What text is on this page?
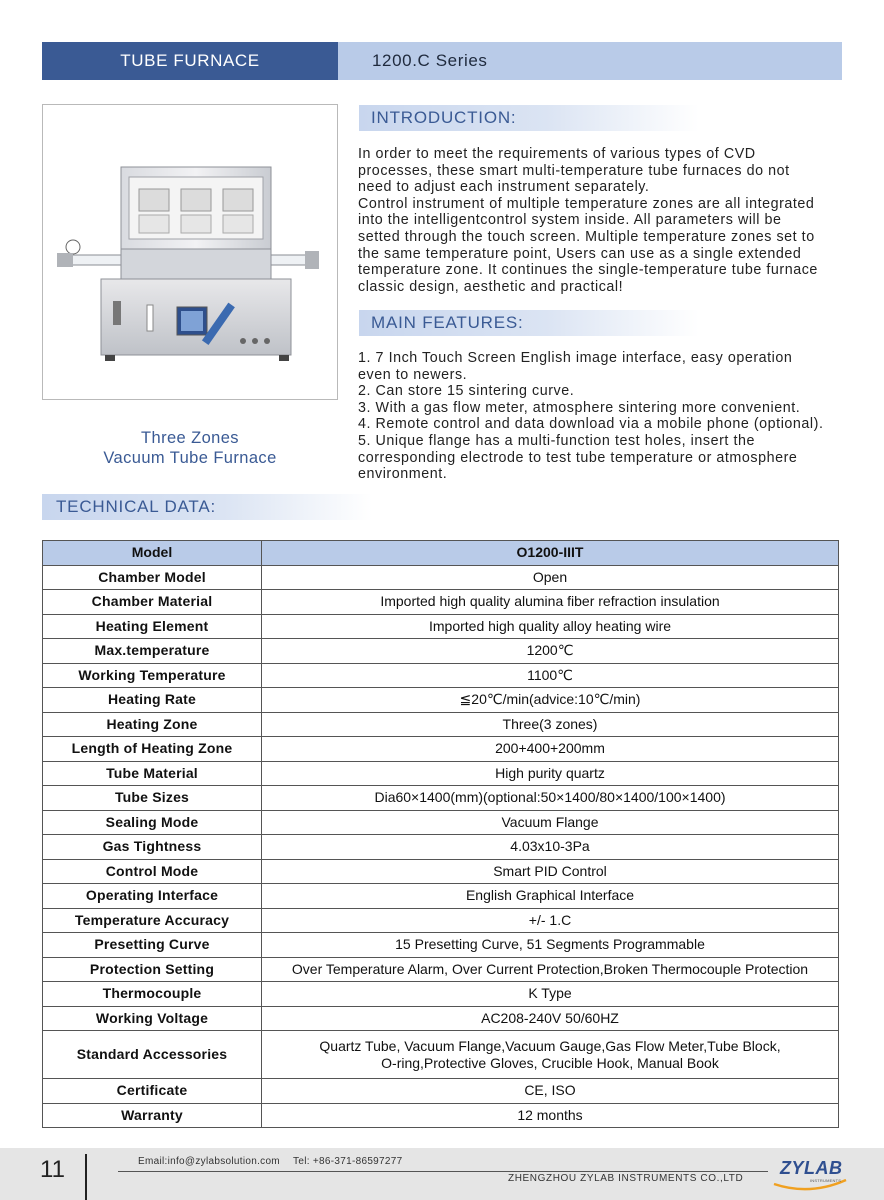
TUBE FURNACE	1200.C Series
Three Zones
Vacuum Tube Furnace
INTRODUCTION:
In order to meet the requirements of various types of CVD
processes, these smart multi-temperature tube furnaces do not
need to adjust each instrument separately.
Control instrument of multiple temperature zones are all integrated
into the intelligentcontrol system inside. All parameters will be
setted through the touch screen. Multiple temperature zones set to
the same temperature point, Users can use as a single extended
temperature zone. It continues the single-temperature tube furnace
classic design, aesthetic and practical!
MAIN FEATURES:
1. 7 Inch Touch Screen English image interface, easy operation
even to newers.
2. Can store 15 sintering curve.
3. With a gas flow meter, atmosphere sintering more convenient.
4. Remote control and data download via a mobile phone (optional).
5. Unique flange has a multi-function test holes, insert the
corresponding electrode to test tube temperature or atmosphere
environment.
TECHNICAL DATA:
Model	O1200-IIIT
Chamber Model	Open
Chamber Material	Imported high quality alumina fiber refraction insulation
Heating Element	Imported high quality alloy heating wire
Max.temperature	1200℃
Working Temperature	1100℃
Heating Rate	≦20℃/min(advice:10℃/min)
Heating Zone	Three(3 zones)
Length of Heating Zone	200+400+200mm
Tube Material	High purity quartz
Tube Sizes	Dia60×1400(mm)(optional:50×1400/80×1400/100×1400)
Sealing Mode	Vacuum Flange
Gas Tightness	4.03x10-3Pa
Control Mode	Smart PID Control
Operating Interface	English Graphical Interface
Temperature Accuracy	+/- 1.C
Presetting Curve	15 Presetting Curve, 51 Segments Programmable
Protection Setting	Over Temperature Alarm, Over Current Protection,Broken Thermocouple Protection
Thermocouple	K Type
Working Voltage	AC208-240V 50/60HZ
Standard Accessories	Quartz Tube, Vacuum Flange,Vacuum Gauge,Gas Flow Meter,Tube Block,
O-ring,Protective Gloves, Crucible Hook, Manual Book

Certificate	CE, ISO
Warranty	12 months
11	Email:info@zylabsolution.com Tel: +86-371-86597277
ZHENGZHOU ZYLAB INSTRUMENTS CO.,LTD
ZYLAB
INSTRUMENTS
